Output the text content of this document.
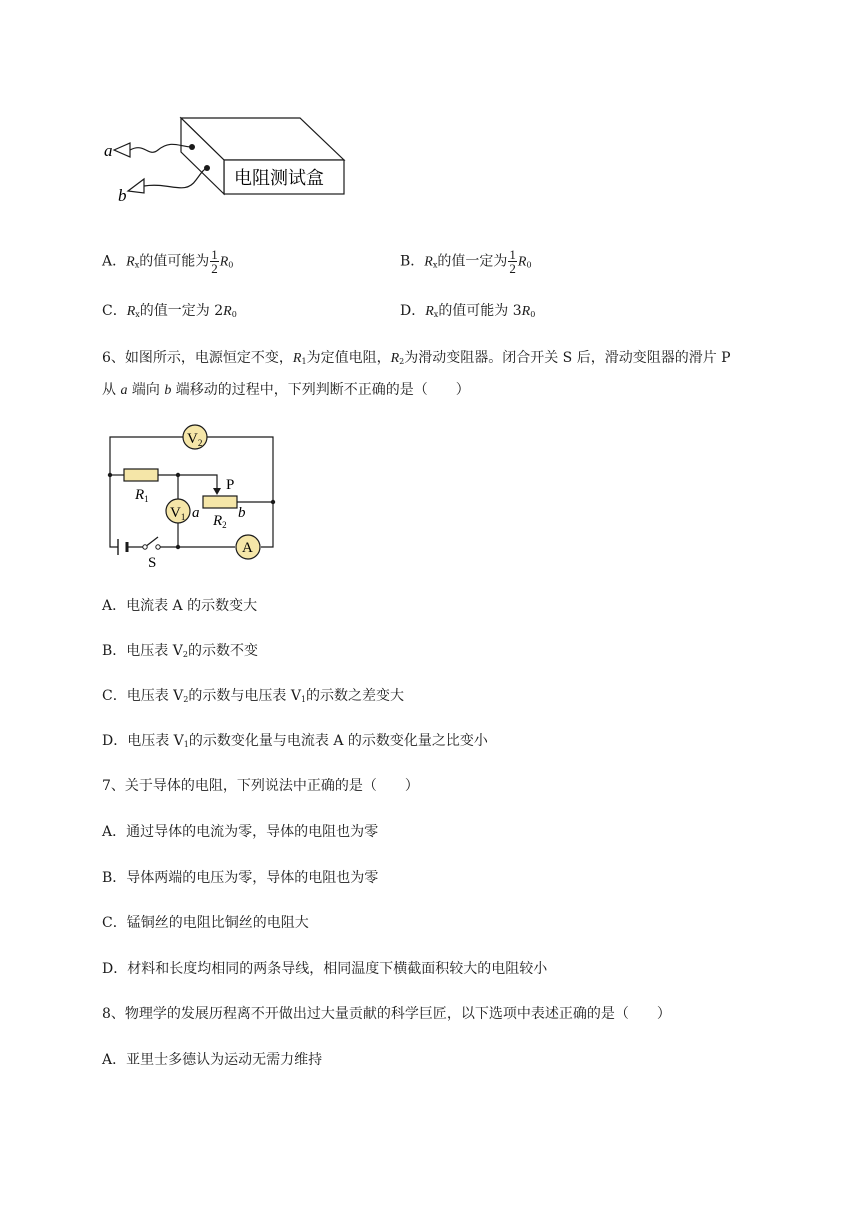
a
b
电阻测试盒
A．$R_x$的值可能为 $\frac{1}{2} R_0$	B．$R_x$的值一定为 $\frac{1}{2} R_0$
C．$R_x$的值一定为 $2R_0$	D．$R_x$的值可能为 $3R_0$
6、如图所示，电源恒定不变，$R_1$为定值电阻，$R_2$为滑动变阻器。闭合开关 S 后，滑动变阻器的滑片 P
从 a 端向 b 端移动的过程中，下列判断不正确的是（　　）
$V_2$
$V_1$
A
$R_1$
$R_2$
P
a	b
S
A．电流表 A 的示数变大
B．电压表 $V_2$的示数不变
C．电压表 $V_2$的示数与电压表 $V_1$的示数之差变大
D．电压表 $V_1$的示数变化量与电流表 A 的示数变化量之比变小
7、关于导体的电阻，下列说法中正确的是（　　）
A．通过导体的电流为零，导体的电阻也为零
B．导体两端的电压为零，导体的电阻也为零
C．锰铜丝的电阻比铜丝的电阻大
D．材料和长度均相同的两条导线，相同温度下横截面积较大的电阻较小
8、物理学的发展历程离不开做出过大量贡献的科学巨匠，以下选项中表述正确的是（　　）
A．亚里士多德认为运动无需力维持
